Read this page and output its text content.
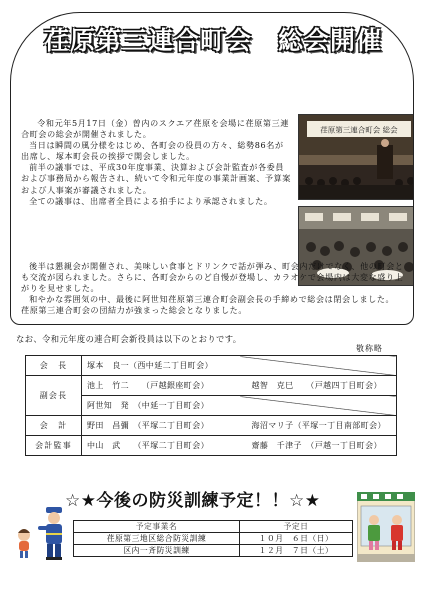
荏原第三連合町会　総会開催

令和元年5月17日（金）曽内のスクエア荏原を会場に荏原第三連合町会の総会が開催されました。

当日は瞬間の風分様をはじめ、各町会の役員の方々、総勢86名が出席し、塚本町会長の挨拶で開会しました。

前半の議事では、平成30年度事業、決算および会計監査が各委員および事務局から報告され、続いて令和元年度の事業計画案、予算案および人事案が審議されました。

全ての議事は、出席者全員による拍手により承認されました。

荏原第三連合町会 総会

後半は懇親会が開催され、美味しい食事とドリンクで話が弾み、町会内だけでなく、他の町会とも交流が図られました。さらに、各町会からのど自慢が登場し、カラオケで会場内は大変な盛り上がりを見せました。

和やかな雰囲気の中、最後に阿世知荏原第三連合町会副会長の手締めで総会は閉会しました。

荏原第三連合町会の団結力が強まった総会となりました。

なお、令和元年度の連合町会新役員は以下のとおりです。
敬称略
会　長	塚本　良一（西中延二丁目町会）	
副会長	池上　竹二　　（戸越銀座町会）	越智　克巳　　（戸越四丁目町会）
	阿世知　発　（中延一丁目町会）	
会　計	野田　昌彌　（平塚二丁目町会）	海沼マリ子（平塚一丁目南部町会）
会計監事	中山　武　　（平塚二丁目町会）	齋藤　千津子　（戸越一丁目町会）
☆★今後の防災訓練予定！！☆★
予定事業名	予定日
荏原第三地区総合防災訓練	１０月　６日（日）
区内一斉防災訓練	１２月　７日（土）
